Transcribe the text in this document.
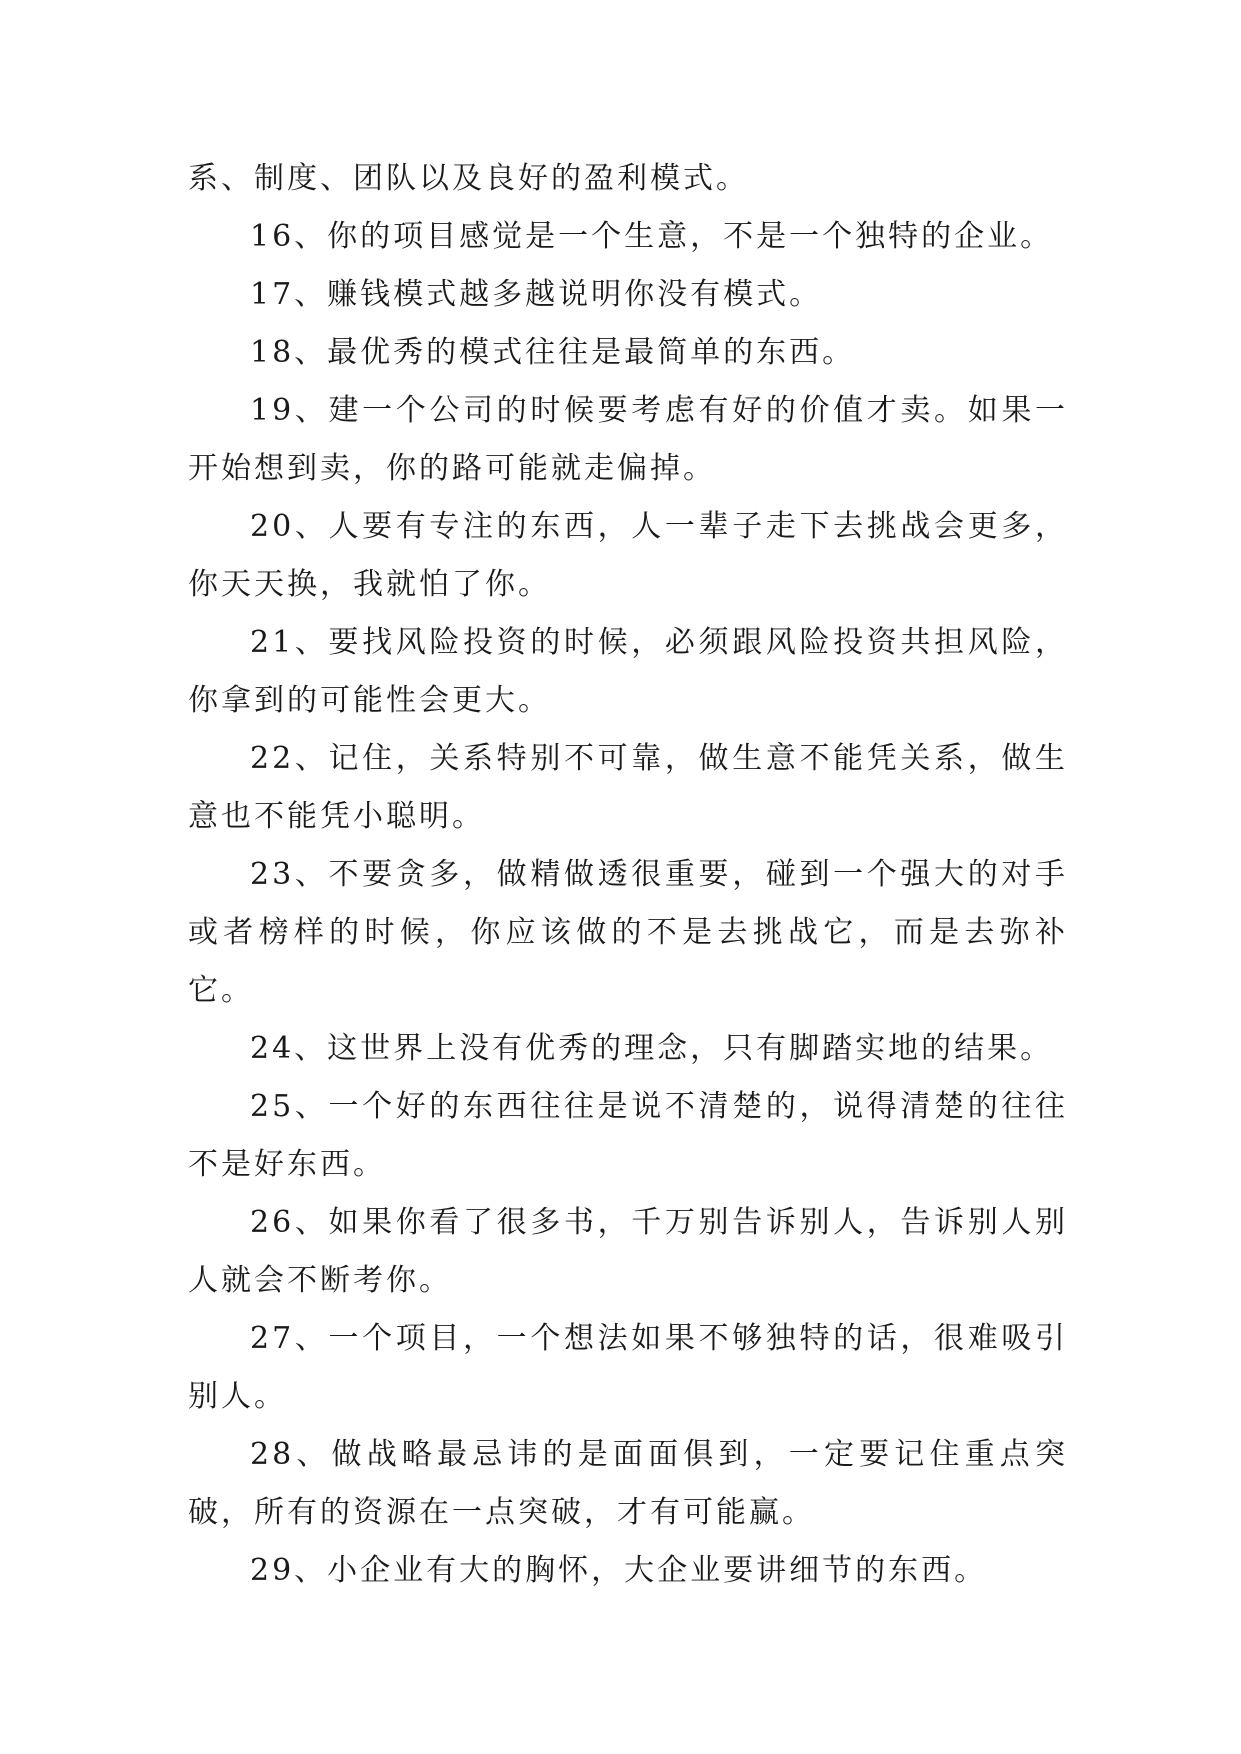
系、制度、团队以及良好的盈利模式。

16、你的项目感觉是一个生意，不是一个独特的企业。

17、赚钱模式越多越说明你没有模式。

18、最优秀的模式往往是最简单的东西。

19、建一个公司的时候要考虑有好的价值才卖。如果一开始想到卖，你的路可能就走偏掉。

20、人要有专注的东西，人一辈子走下去挑战会更多，你天天换，我就怕了你。

21、要找风险投资的时候，必须跟风险投资共担风险，你拿到的可能性会更大。

22、记住，关系特别不可靠，做生意不能凭关系，做生意也不能凭小聪明。

23、不要贪多，做精做透很重要，碰到一个强大的对手或者榜样的时候，你应该做的不是去挑战它，而是去弥补它。

24、这世界上没有优秀的理念，只有脚踏实地的结果。

25、一个好的东西往往是说不清楚的，说得清楚的往往不是好东西。

26、如果你看了很多书，千万别告诉别人，告诉别人别人就会不断考你。

27、一个项目，一个想法如果不够独特的话，很难吸引别人。

28、做战略最忌讳的是面面俱到，一定要记住重点突破，所有的资源在一点突破，才有可能赢。

29、小企业有大的胸怀，大企业要讲细节的东西。
